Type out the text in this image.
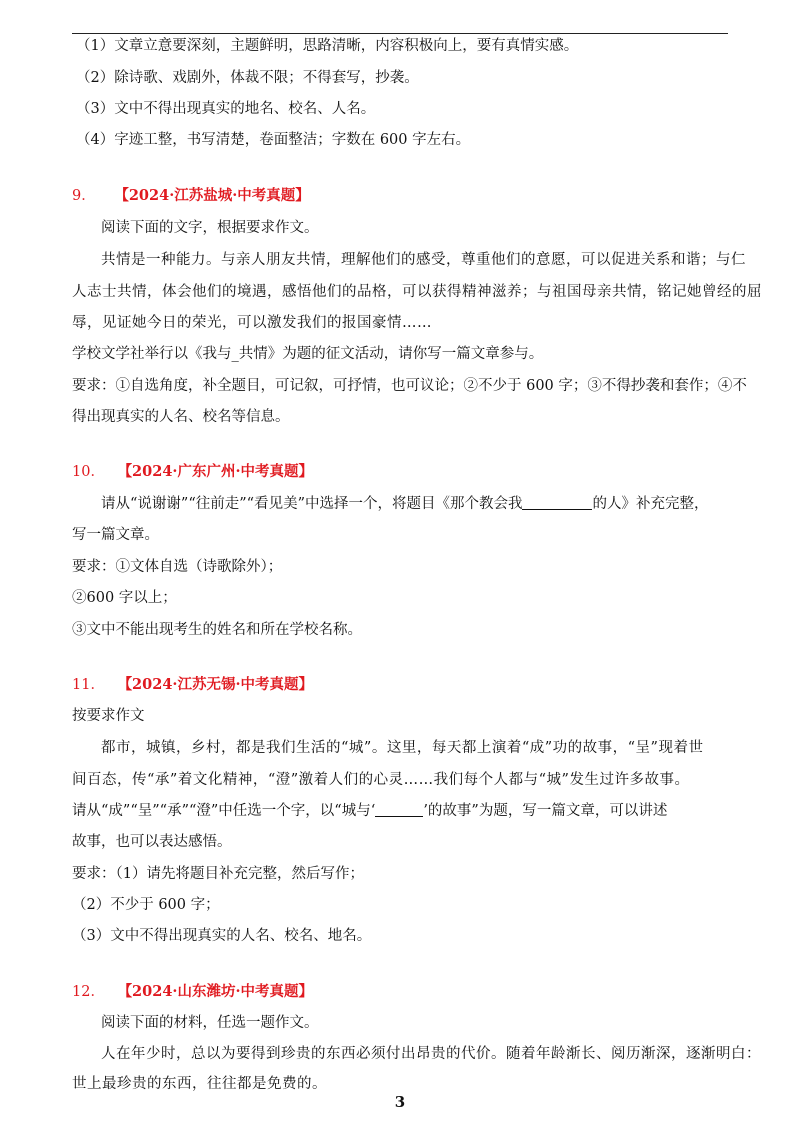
（1）文章立意要深刻，主题鲜明，思路清晰，内容积极向上，要有真情实感。
（2）除诗歌、戏剧外，体裁不限；不得套写，抄袭。
（3）文中不得出现真实的地名、校名、人名。
（4）字迹工整，书写清楚，卷面整洁；字数在 600 字左右。
9． 【2024·江苏盐城·中考真题】
阅读下面的文字，根据要求作文。
共情是一种能力。与亲人朋友共情，理解他们的感受，尊重他们的意愿，可以促进关系和谐；与仁
人志士共情，体会他们的境遇，感悟他们的品格，可以获得精神滋养；与祖国母亲共情，铭记她曾经的屈
辱，见证她今日的荣光，可以激发我们的报国豪情……
学校文学社举行以《我与_共情》为题的征文活动，请你写一篇文章参与。
要求：①自选角度，补全题目，可记叙，可抒情，也可议论；②不少于 600 字；③不得抄袭和套作；④不
得出现真实的人名、校名等信息。
10． 【2024·广东广州·中考真题】
请从“说谢谢”“往前走”“看见美”中选择一个，将题目《那个教会我	的人》补充完整，
写一篇文章。
要求：①文体自选（诗歌除外）；
②600 字以上；
③文中不能出现考生的姓名和所在学校名称。
11． 【2024·江苏无锡·中考真题】
按要求作文
都市，城镇，乡村，都是我们生活的“城”。这里，每天都上演着“成”功的故事，“呈”现着世
间百态，传“承”着文化精神，“澄”激着人们的心灵……我们每个人都与“城”发生过许多故事。
请从“成”“呈”“承”“澄”中任选一个字，以“城与‘	’的故事”为题，写一篇文章，可以讲述
故事，也可以表达感悟。
要求：（1）请先将题目补充完整，然后写作；
（2）不少于 600 字；
（3）文中不得出现真实的人名、校名、地名。
12． 【2024·山东潍坊·中考真题】
阅读下面的材料，任选一题作文。
人在年少时，总以为要得到珍贵的东西必须付出昂贵的代价。随着年龄渐长、阅历渐深，逐渐明白：
世上最珍贵的东西，往往都是免费的。
3
